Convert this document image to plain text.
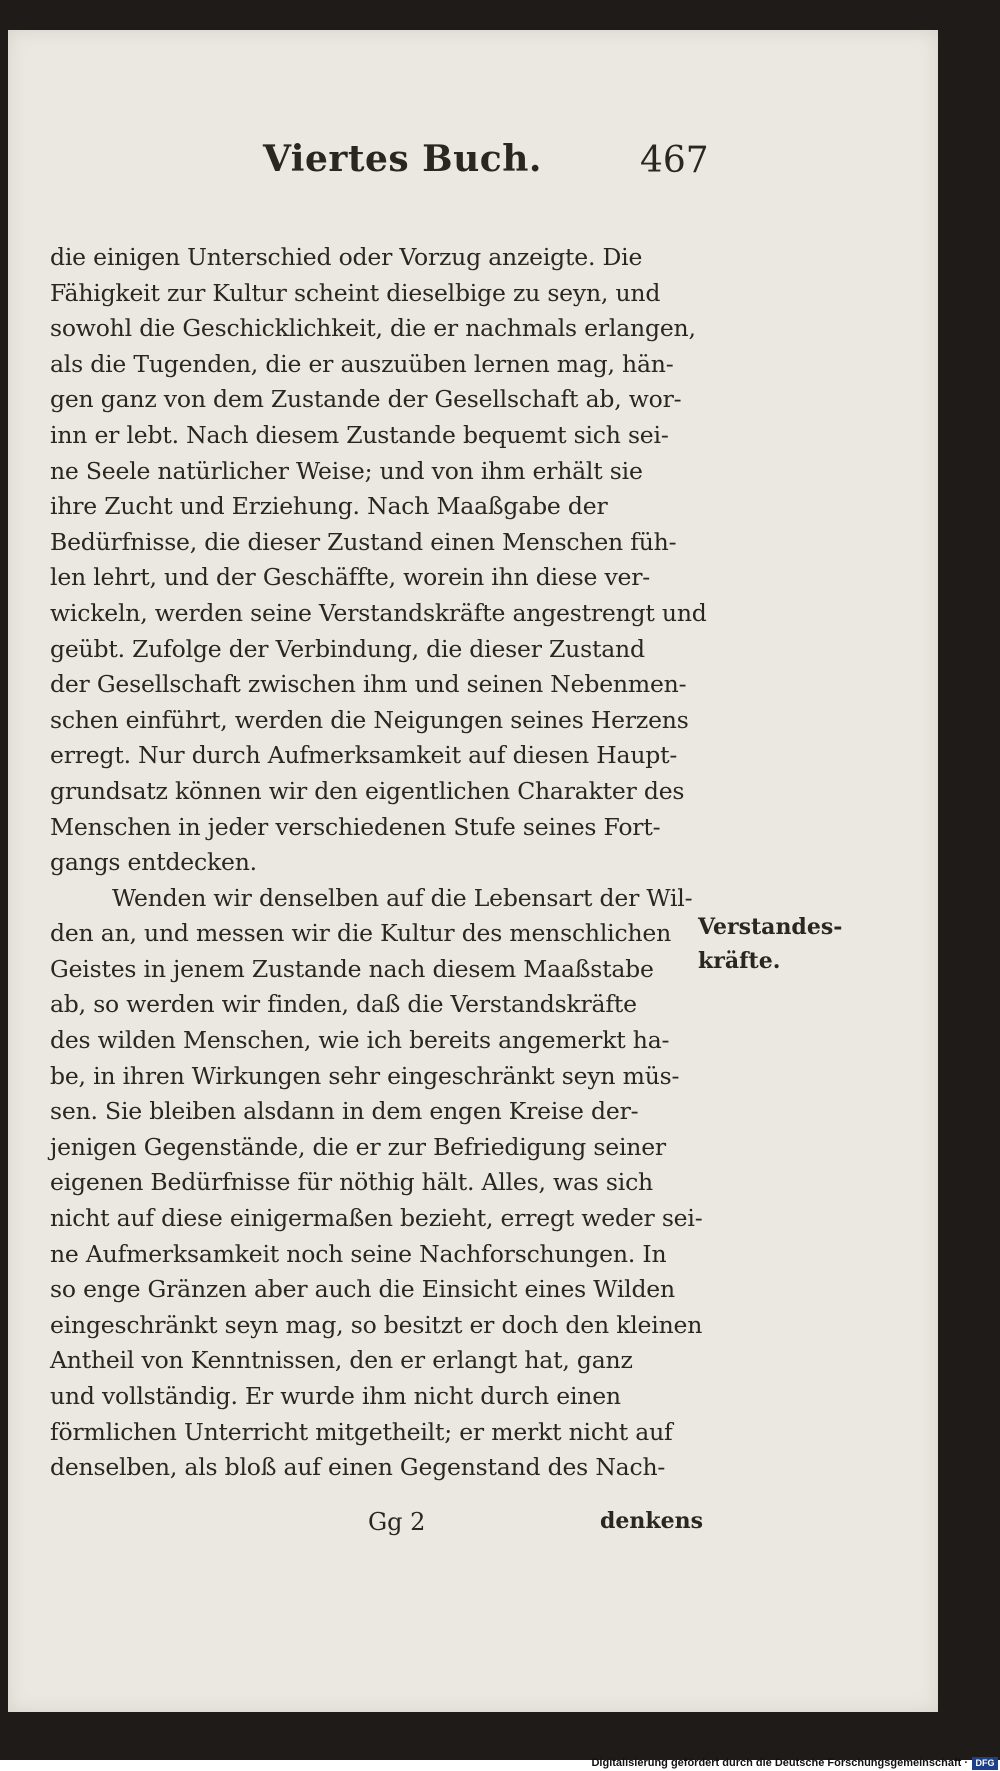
Viertes Buch.	467
die einigen Unterschied oder Vorzug anzeigte. Die
Fähigkeit zur Kultur scheint dieselbige zu seyn, und
sowohl die Geschicklichkeit, die er nachmals erlangen,
als die Tugenden, die er auszuüben lernen mag, hän-
gen ganz von dem Zustande der Gesellschaft ab, wor-
inn er lebt. Nach diesem Zustande bequemt sich sei-
ne Seele natürlicher Weise; und von ihm erhält sie
ihre Zucht und Erziehung. Nach Maaßgabe der
Bedürfnisse, die dieser Zustand einen Menschen füh-
len lehrt, und der Geschäffte, worein ihn diese ver-
wickeln, werden seine Verstandskräfte angestrengt und
geübt. Zufolge der Verbindung, die dieser Zustand
der Gesellschaft zwischen ihm und seinen Nebenmen-
schen einführt, werden die Neigungen seines Herzens
erregt. Nur durch Aufmerksamkeit auf diesen Haupt-
grundsatz können wir den eigentlichen Charakter des
Menschen in jeder verschiedenen Stufe seines Fort-
gangs entdecken.
Wenden wir denselben auf die Lebensart der Wil-
den an, und messen wir die Kultur des menschlichen
Geistes in jenem Zustande nach diesem Maaßstabe
ab, so werden wir finden, daß die Verstandskräfte
des wilden Menschen, wie ich bereits angemerkt ha-
be, in ihren Wirkungen sehr eingeschränkt seyn müs-
sen. Sie bleiben alsdann in dem engen Kreise der-
jenigen Gegenstände, die er zur Befriedigung seiner
eigenen Bedürfnisse für nöthig hält. Alles, was sich
nicht auf diese einigermaßen bezieht, erregt weder sei-
ne Aufmerksamkeit noch seine Nachforschungen. In
so enge Gränzen aber auch die Einsicht eines Wilden
eingeschränkt seyn mag, so besitzt er doch den kleinen
Antheil von Kenntnissen, den er erlangt hat, ganz
und vollständig. Er wurde ihm nicht durch einen
förmlichen Unterricht mitgetheilt; er merkt nicht auf
denselben, als bloß auf einen Gegenstand des Nach-
Verstandes-
kräfte.
Gg 2	denkens
Digitalisierung gefördert durch die Deutsche Forschungsgemeinschaft · DFG
